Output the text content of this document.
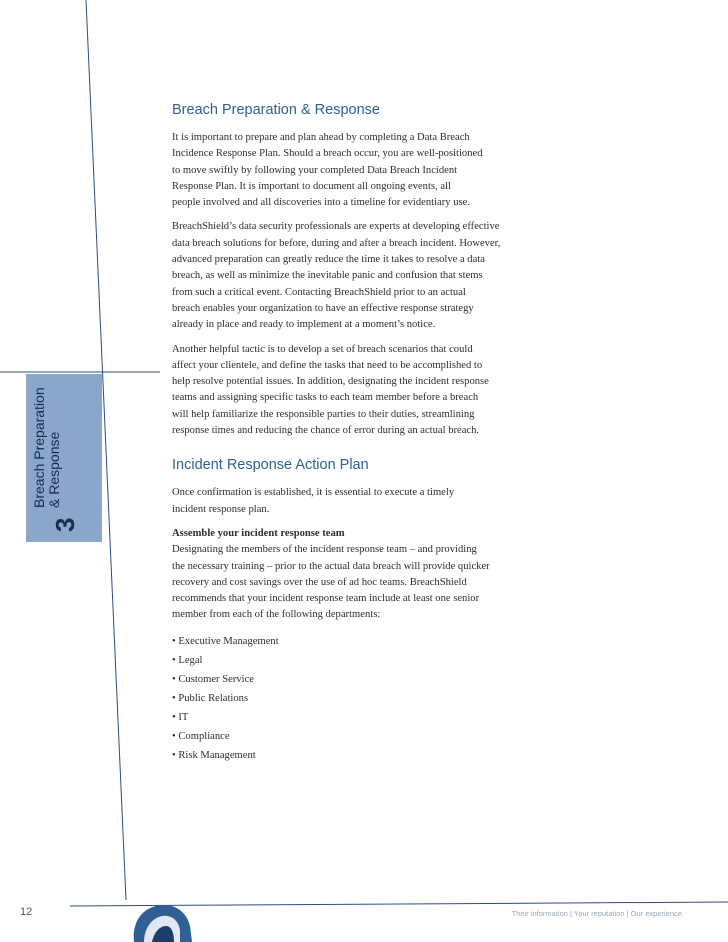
3
Breach Preparation & Response
Breach Preparation & Response

It is important to prepare and plan ahead by completing a Data Breach
Incidence Response Plan. Should a breach occur, you are well-positioned
to move swiftly by following your completed Data Breach Incident
Response Plan. It is important to document all ongoing events, all
people involved and all discoveries into a timeline for evidentiary use.

BreachShield’s data security professionals are experts at developing effective
data breach solutions for before, during and after a breach incident. However,
advanced preparation can greatly reduce the time it takes to resolve a data
breach, as well as minimize the inevitable panic and confusion that stems
from such a critical event. Contacting BreachShield prior to an actual
breach enables your organization to have an effective response strategy
already in place and ready to implement at a moment’s notice.

Another helpful tactic is to develop a set of breach scenarios that could
affect your clientele, and define the tasks that need to be accomplished to
help resolve potential issues. In addition, designating the incident response
teams and assigning specific tasks to each team member before a breach
will help familiarize the responsible parties to their duties, streamlining
response times and reducing the chance of error during an actual breach.

Incident Response Action Plan

Once confirmation is established, it is essential to execute a timely
incident response plan.

Assemble your incident response team
Designating the members of the incident response team – and providing
the necessary training – prior to the actual data breach will provide quicker
recovery and cost savings over the use of ad hoc teams. BreachShield
recommends that your incident response team include at least one senior
member from each of the following departments:

• Executive Management
• Legal
• Customer Service
• Public Relations
• IT
• Compliance
• Risk Management
12	Their information | Your reputation | Our experience.
